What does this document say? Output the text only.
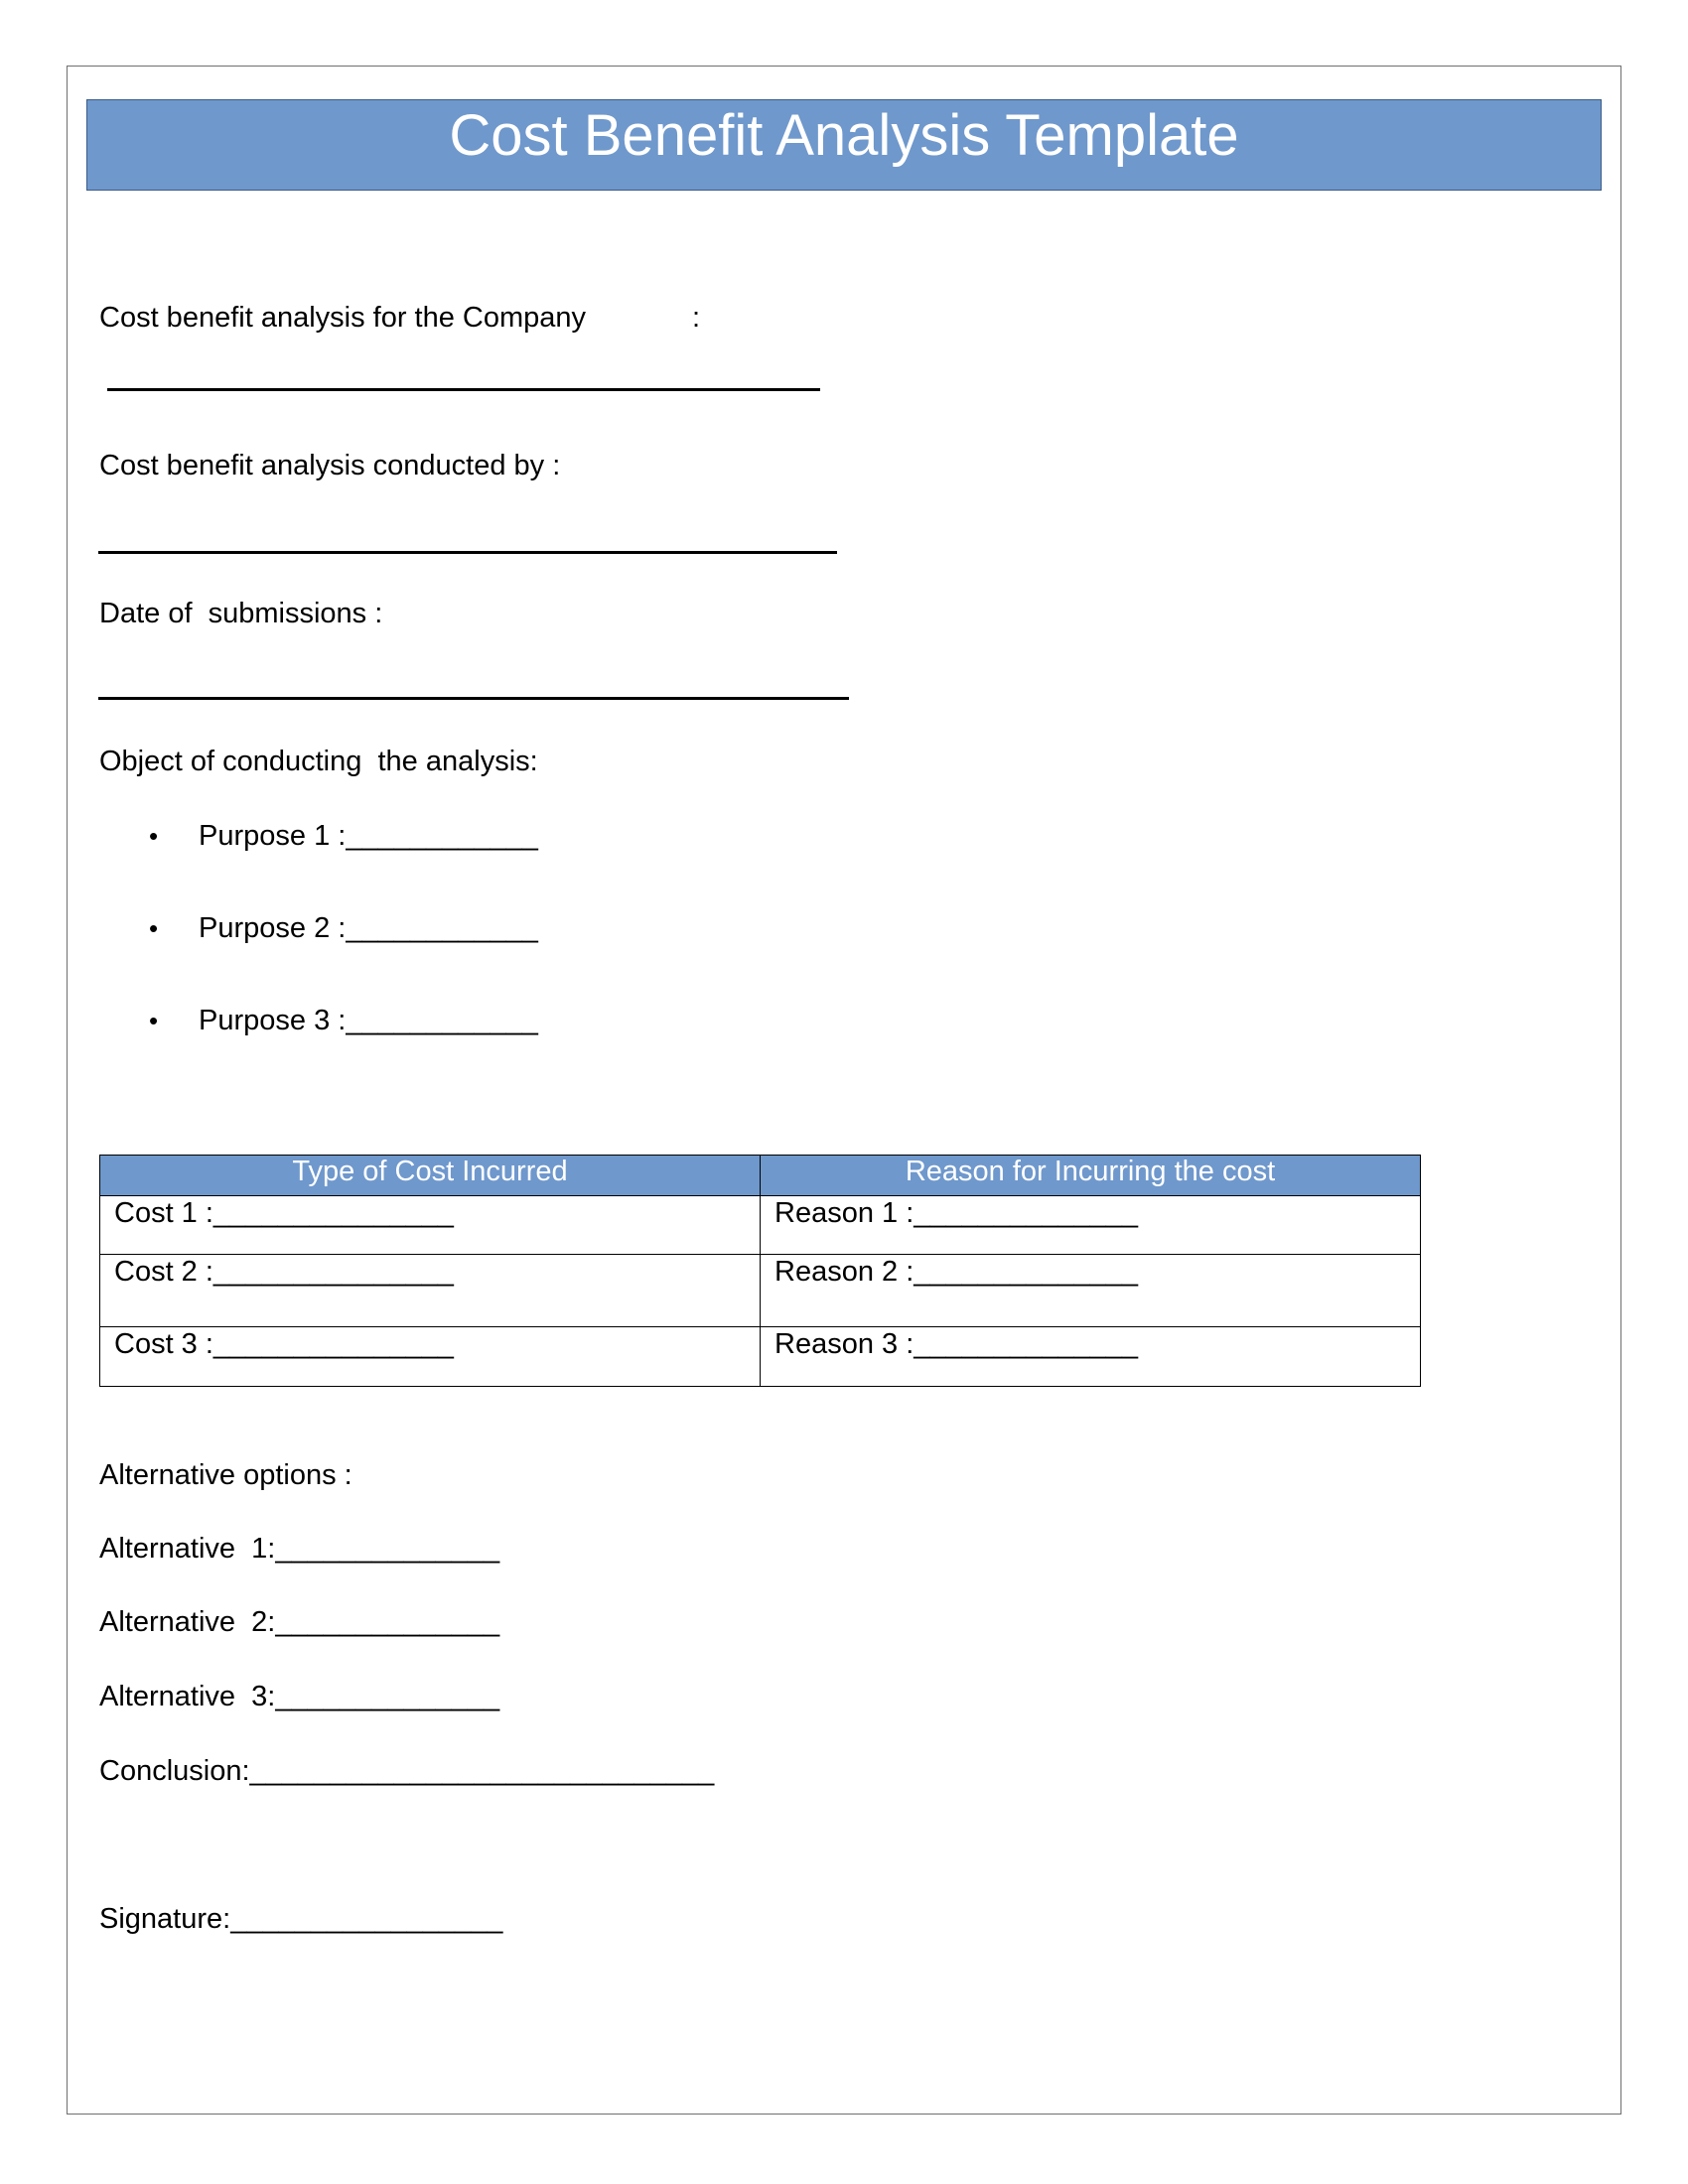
Cost Benefit Analysis Template
Cost benefit analysis for the Company	:
Cost benefit analysis conducted by :
Date of  submissions :
Object of conducting  the analysis:
• Purpose 1 :____________
• Purpose 2 :____________
• Purpose 3 :____________
Type of Cost Incurred	Reason for Incurring the cost
Cost 1 :_______________	Reason 1 :______________
Cost 2 :_______________	Reason 2 :______________
Cost 3 :_______________	Reason 3 :______________
Alternative options :
Alternative  1:______________
Alternative  2:______________
Alternative  3:______________
Conclusion:_____________________________
Signature:_________________
